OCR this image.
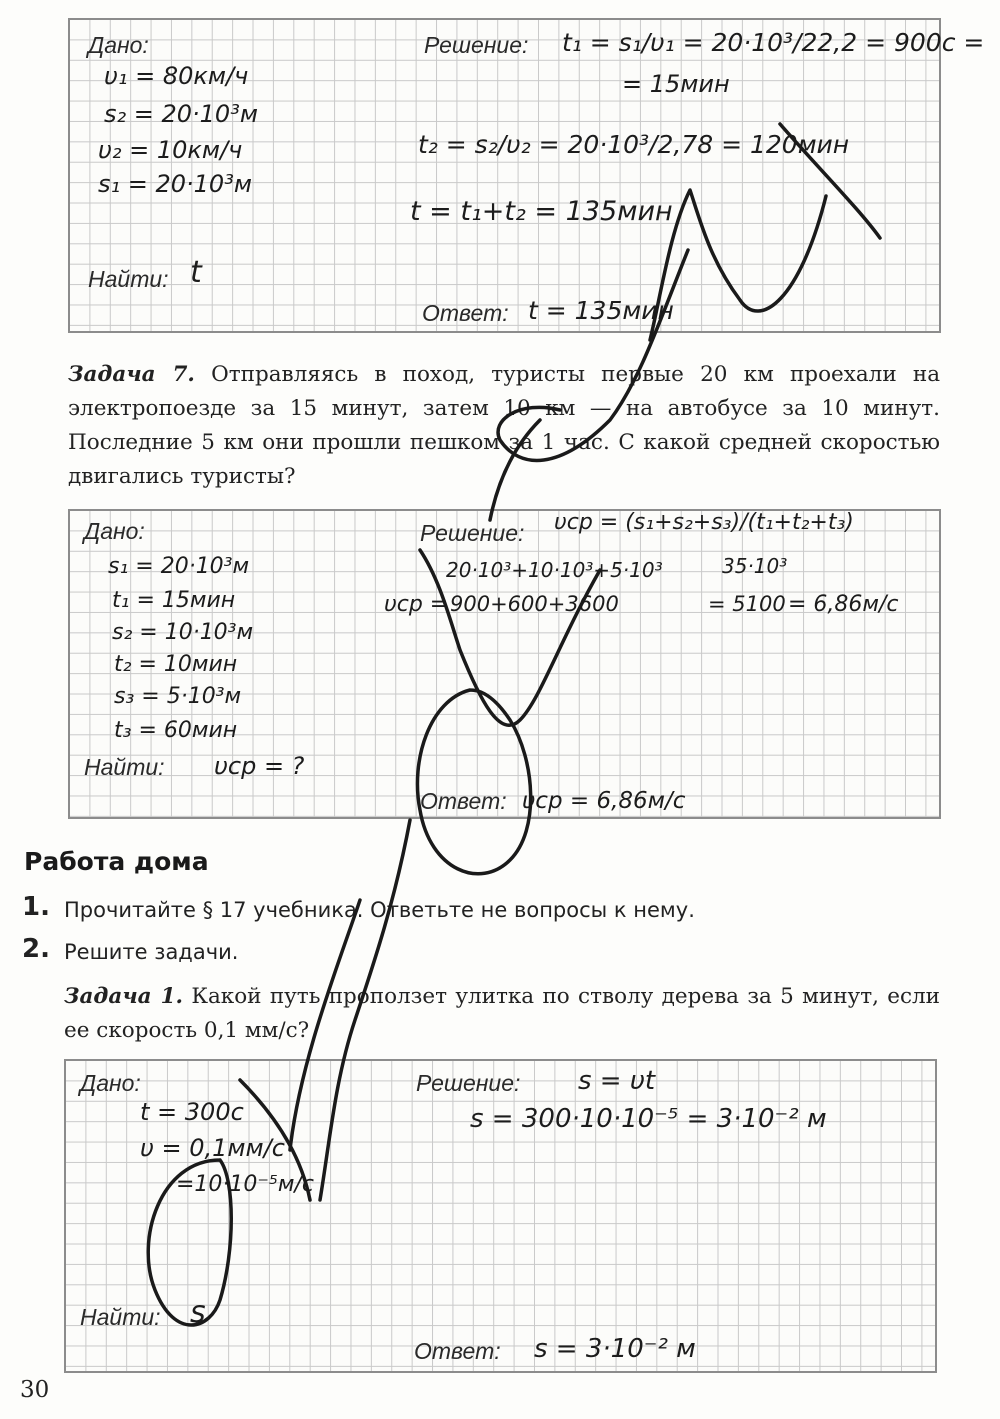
Дано:	Решение:
Найти:
Ответ:
υ₁ = 80км/ч
s₂ = 20·10³м
υ₂ = 10км/ч
s₁ = 20·10³м
t
t₁ = s₁/υ₁ = 20·10³/22,2 = 900с =
= 15мин
t₂ = s₂/υ₂ = 20·10³/2,78 = 120мин
t = t₁+t₂ = 135мин
t = 135мин
Задача 7. Отправляясь в поход, туристы первые 20 км проехали на электропоезде за 15 минут, затем 10 км — на автобусе за 10 минут. Последние 5 км они прошли пешком за 1 час. С какой средней скоростью двигались туристы?
Дано:	Решение:
Найти:
Ответ:
s₁ = 20·10³м
t₁ = 15мин
s₂ = 10·10³м
t₂ = 10мин
s₃ = 5·10³м
t₃ = 60мин
υср = ?
υср = (s₁+s₂+s₃)/(t₁+t₂+t₃)
20·10³+10·10³+5·10³	35·10³
υср = 900+600+3600	= 5100 = 6,86м/с
υср = 6,86м/с
Работа дома
1. Прочитайте § 17 учебника. Ответьте не вопросы к нему.
2. Решите задачи.
Задача 1. Какой путь проползет улитка по стволу дерева за 5 минут, если ее скорость 0,1 мм/с?
Дано:	Решение:
Найти:
Ответ:
t = 300с
υ = 0,1мм/с
=10·10⁻⁵м/с
s
s = υt
s = 300·10·10⁻⁵ = 3·10⁻² м
s = 3·10⁻² м
30
